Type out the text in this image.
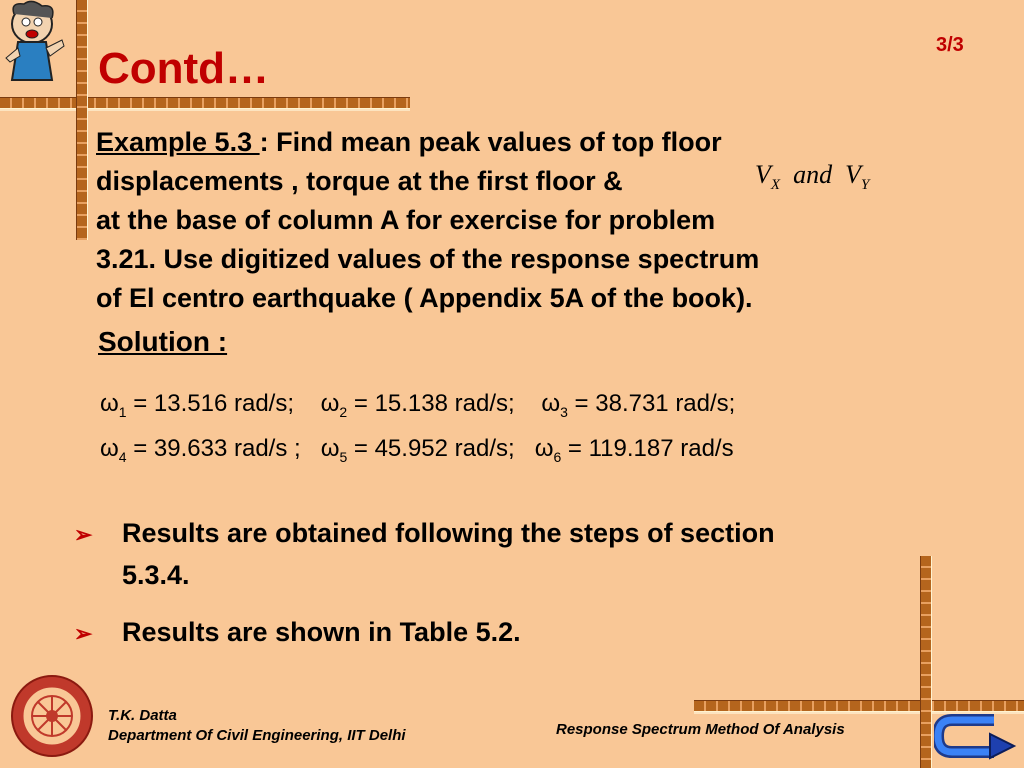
Contd…	3/3
Example 5.3 : Find mean peak values of top floor
displacements , torque at the first floor &
at the base of column A for exercise for problem
3.21. Use digitized values of the response spectrum
of El centro earthquake ( Appendix 5A of the book).
$V_X$ and $V_Y$
Solution :
$\omega_1 = 13.516$ rad/s; $\omega_2 = 15.138$ rad/s; $\omega_3 = 38.731$ rad/s;
$\omega_4 = 39.633$ rad/s ; $\omega_5 = 45.952$ rad/s; $\omega_6 = 119.187$ rad/s
➢ Results are obtained following the steps of section 5.3.4.
➢ Results are shown in Table 5.2.
T.K. Datta
Department Of Civil Engineering, IIT Delhi	Response Spectrum Method Of Analysis
